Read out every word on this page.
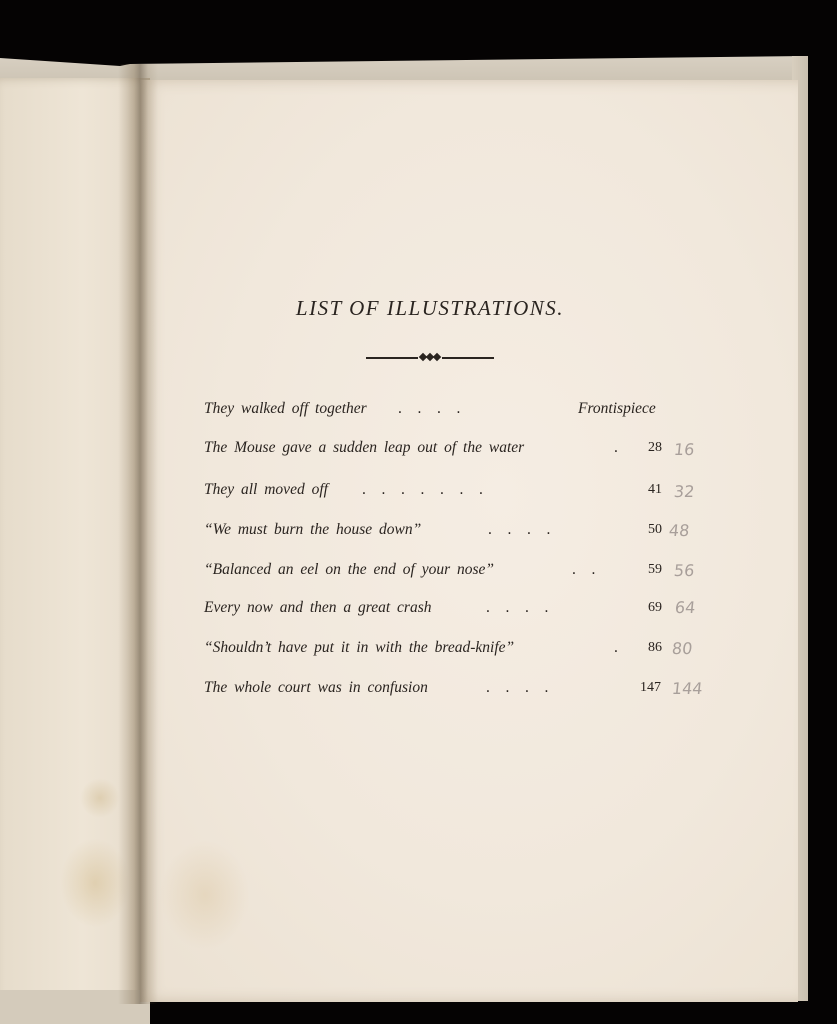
LIST OF ILLUSTRATIONS.
They walked off together .   .   .   .	Frontispiece
The Mouse gave a sudden leap out of the water	. 28 16
They all moved off .   .   .   .   .   .   .	41 32
“We must burn the house down”	.   .   .   .	50 48
“Balanced an eel on the end of your nose”	.   .	59 56
Every now and then a great crash	.   .   .   .	69 64
“Shouldn’t have put it in with the bread-knife”	. 86 80
The whole court was in confusion	.   .   .   .	147 144
